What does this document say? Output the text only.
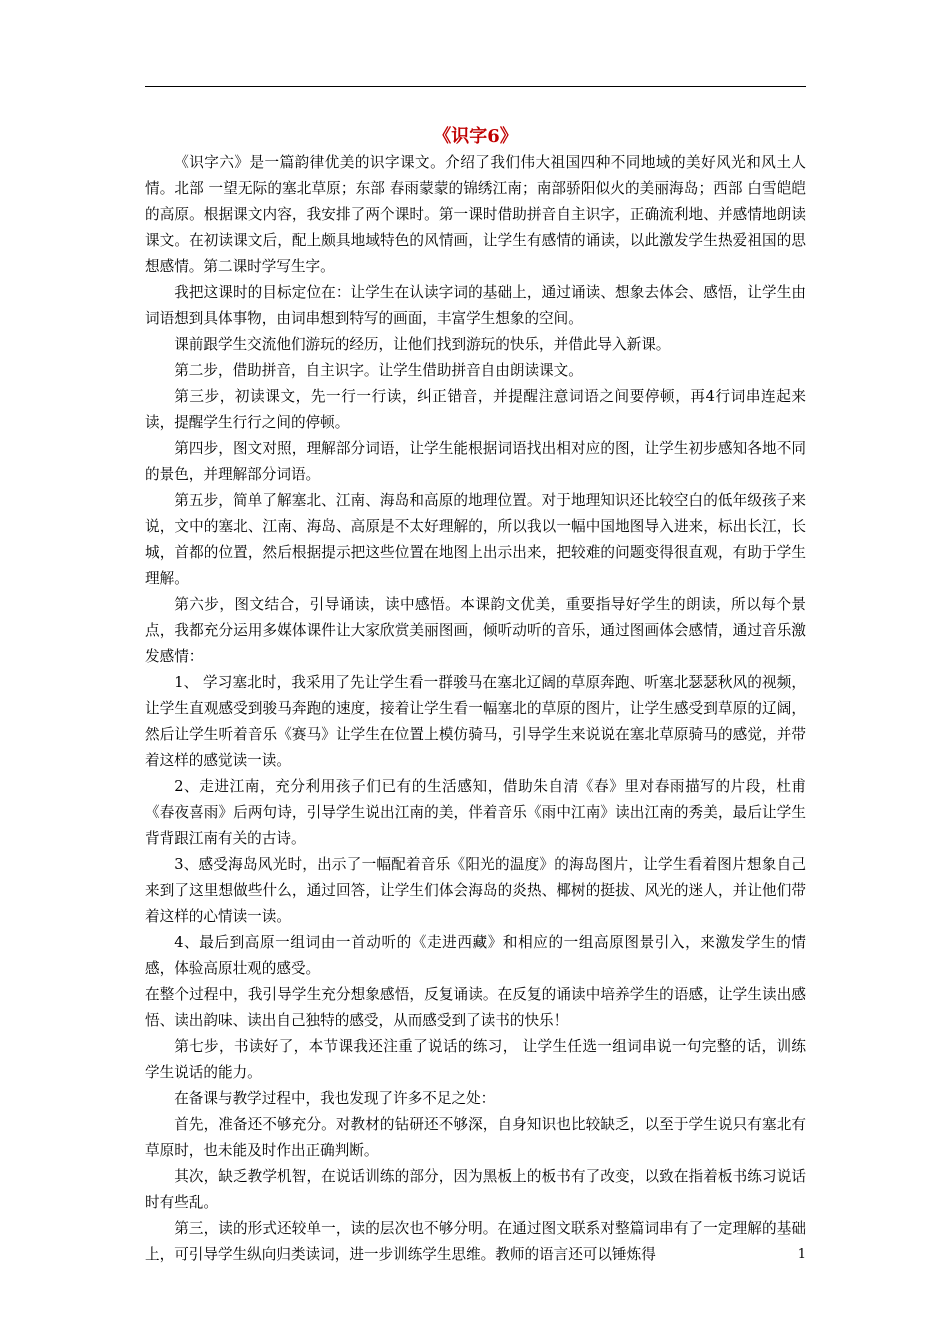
《识字6》

《识字六》是一篇韵律优美的识字课文。介绍了我们伟大祖国四种不同地域的美好风光和风土人情。北部 一望无际的塞北草原；东部 春雨蒙蒙的锦绣江南；南部骄阳似火的美丽海岛；西部 白雪皑皑的高原。根据课文内容，我安排了两个课时。第一课时借助拼音自主识字，正确流利地、并感情地朗读课文。在初读课文后，配上颇具地域特色的风情画，让学生有感情的诵读，以此激发学生热爱祖国的思想感情。第二课时学写生字。

我把这课时的目标定位在：让学生在认读字词的基础上，通过诵读、想象去体会、感悟，让学生由词语想到具体事物，由词串想到特写的画面，丰富学生想象的空间。

课前跟学生交流他们游玩的经历，让他们找到游玩的快乐，并借此导入新课。

第二步，借助拼音，自主识字。让学生借助拼音自由朗读课文。

第三步，初读课文，先一行一行读，纠正错音，并提醒注意词语之间要停顿，再4行词串连起来读，提醒学生行行之间的停顿。

第四步，图文对照，理解部分词语，让学生能根据词语找出相对应的图，让学生初步感知各地不同的景色，并理解部分词语。

第五步，简单了解塞北、江南、海岛和高原的地理位置。对于地理知识还比较空白的低年级孩子来说，文中的塞北、江南、海岛、高原是不太好理解的，所以我以一幅中国地图导入进来，标出长江，长城，首都的位置，然后根据提示把这些位置在地图上出示出来，把较难的问题变得很直观，有助于学生理解。

第六步，图文结合，引导诵读，读中感悟。本课韵文优美，重要指导好学生的朗读，所以每个景点，我都充分运用多媒体课件让大家欣赏美丽图画，倾听动听的音乐，通过图画体会感情，通过音乐激发感情：

1、 学习塞北时，我采用了先让学生看一群骏马在塞北辽阔的草原奔跑、听塞北瑟瑟秋风的视频，让学生直观感受到骏马奔跑的速度，接着让学生看一幅塞北的草原的图片，让学生感受到草原的辽阔，然后让学生听着音乐《赛马》让学生在位置上模仿骑马，引导学生来说说在塞北草原骑马的感觉，并带着这样的感觉读一读。

2、走进江南，充分利用孩子们已有的生活感知，借助朱自清《春》里对春雨描写的片段，杜甫《春夜喜雨》后两句诗，引导学生说出江南的美，伴着音乐《雨中江南》读出江南的秀美，最后让学生背背跟江南有关的古诗。

3、感受海岛风光时，出示了一幅配着音乐《阳光的温度》的海岛图片，让学生看着图片想象自己来到了这里想做些什么，通过回答，让学生们体会海岛的炎热、椰树的挺拔、风光的迷人，并让他们带着这样的心情读一读。

4、最后到高原一组词由一首动听的《走进西藏》和相应的一组高原图景引入，来激发学生的情感，体验高原壮观的感受。

在整个过程中，我引导学生充分想象感悟，反复诵读。在反复的诵读中培养学生的语感，让学生读出感悟、读出韵味、读出自己独特的感受，从而感受到了读书的快乐！

第七步，书读好了，本节课我还注重了说话的练习， 让学生任选一组词串说一句完整的话，训练学生说话的能力。

在备课与教学过程中，我也发现了许多不足之处：

首先，准备还不够充分。对教材的钻研还不够深，自身知识也比较缺乏，以至于学生说只有塞北有草原时，也未能及时作出正确判断。

其次，缺乏教学机智，在说话训练的部分，因为黑板上的板书有了改变，以致在指着板书练习说话时有些乱。

第三，读的形式还较单一，读的层次也不够分明。在通过图文联系对整篇词串有了一定理解的基础上，可引导学生纵向归类读词，进一步训练学生思维。教师的语言还可以锤炼得	1
